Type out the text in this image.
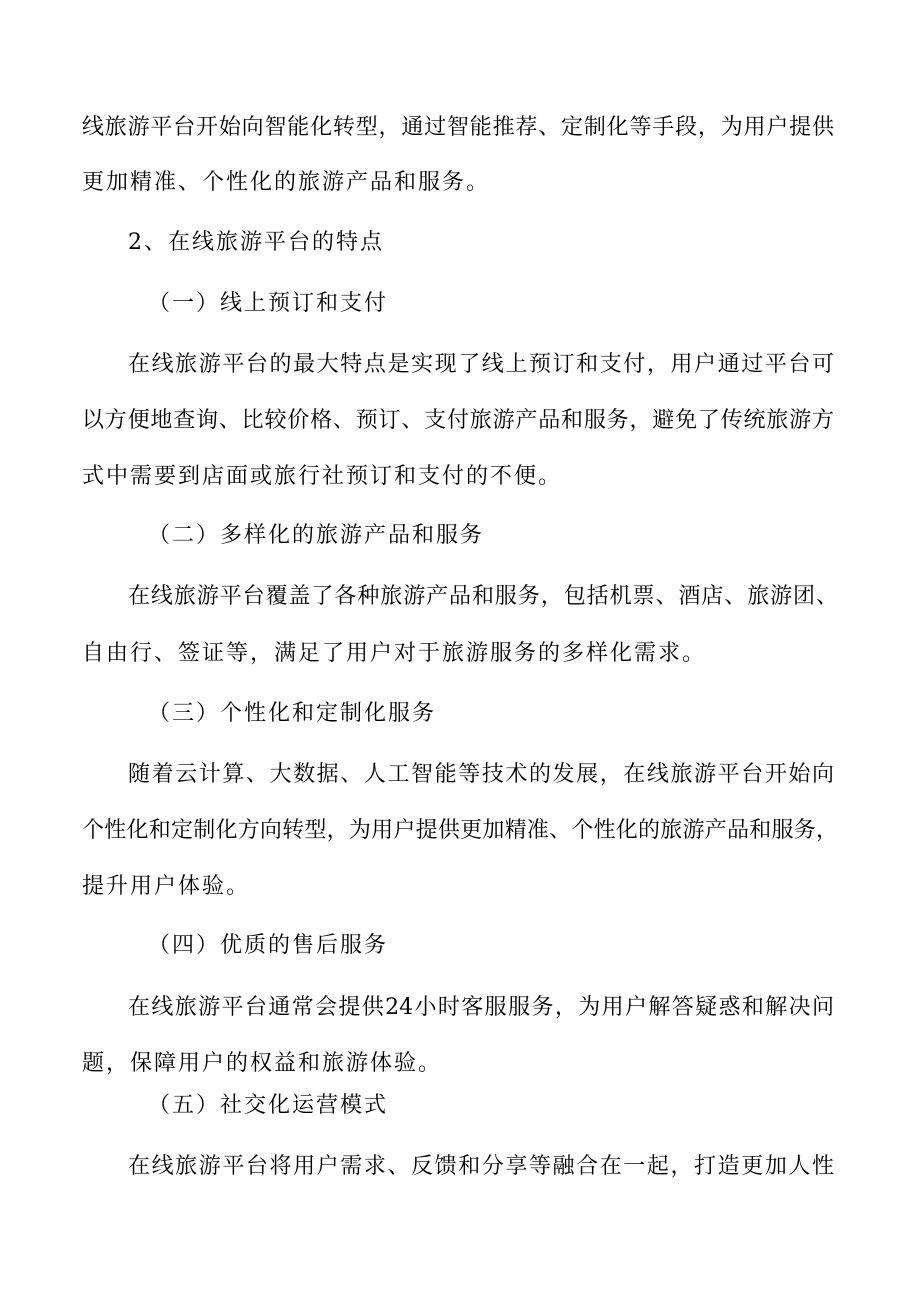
线旅游平台开始向智能化转型，通过智能推荐、定制化等手段，为用户提供

更加精准、个性化的旅游产品和服务。

2、在线旅游平台的特点

（一）线上预订和支付

在线旅游平台的最大特点是实现了线上预订和支付，用户通过平台可

以方便地查询、比较价格、预订、支付旅游产品和服务，避免了传统旅游方

式中需要到店面或旅行社预订和支付的不便。

（二）多样化的旅游产品和服务

在线旅游平台覆盖了各种旅游产品和服务，包括机票、酒店、旅游团、

自由行、签证等，满足了用户对于旅游服务的多样化需求。

（三）个性化和定制化服务

随着云计算、大数据、人工智能等技术的发展，在线旅游平台开始向

个性化和定制化方向转型，为用户提供更加精准、个性化的旅游产品和服务，

提升用户体验。

（四）优质的售后服务

在线旅游平台通常会提供24小时客服服务，为用户解答疑惑和解决问

题，保障用户的权益和旅游体验。

（五）社交化运营模式

在线旅游平台将用户需求、反馈和分享等融合在一起，打造更加人性
